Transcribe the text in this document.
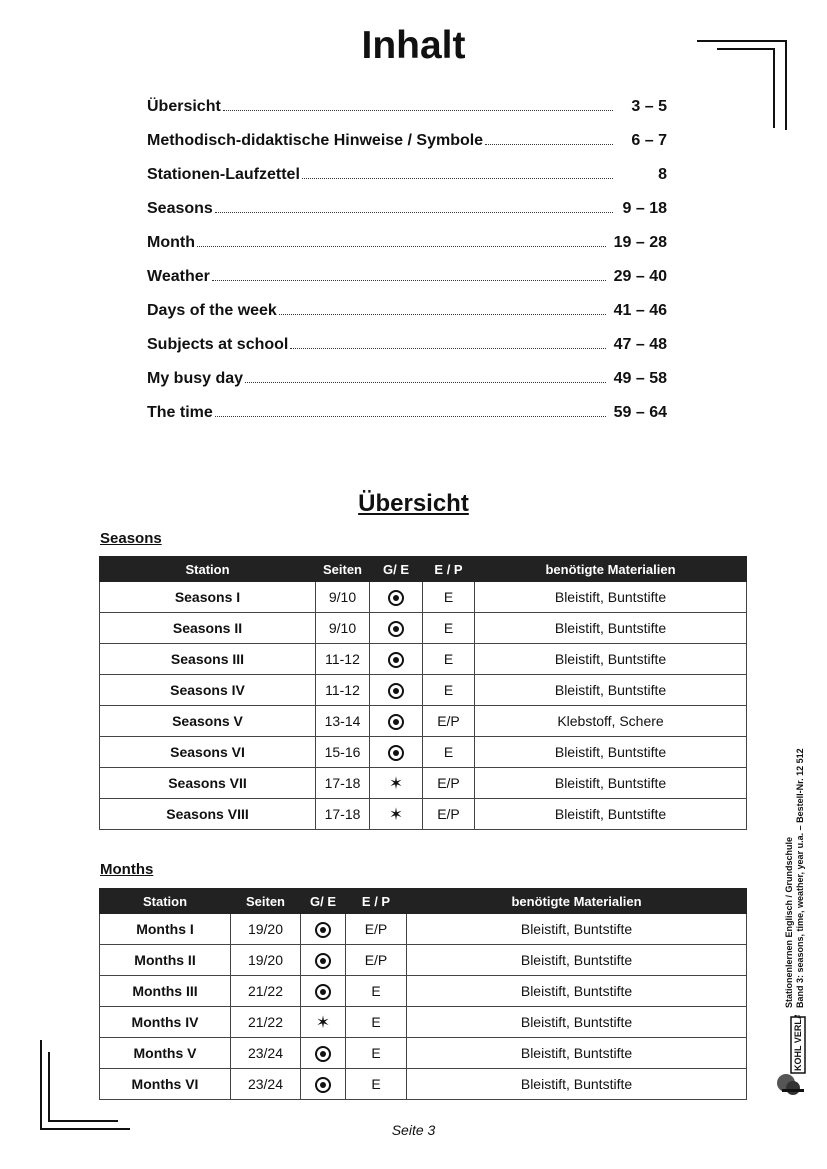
Inhalt
Übersicht	3 – 5
Methodisch-didaktische Hinweise / Symbole	6 – 7
Stationen-Laufzettel	8
Seasons	9 – 18
Month	19 – 28
Weather	29 – 40
Days of the week	41 – 46
Subjects at school	47 – 48
My busy day	49 – 58
The time	59 – 64
Übersicht
Seasons
Station	Seiten	G/ E	E / P	benötigte Materialien
Seasons I	9/10		E	Bleistift, Buntstifte
Seasons II	9/10		E	Bleistift, Buntstifte
Seasons III	11-12		E	Bleistift, Buntstifte
Seasons IV	11-12		E	Bleistift, Buntstifte
Seasons V	13-14		E/P	Klebstoff, Schere
Seasons VI	15-16		E	Bleistift, Buntstifte
Seasons VII	17-18	✶	E/P	Bleistift, Buntstifte
Seasons VIII	17-18	✶	E/P	Bleistift, Buntstifte
Months
Station	Seiten	G/ E	E / P	benötigte Materialien
Months I	19/20		E/P	Bleistift, Buntstifte
Months II	19/20		E/P	Bleistift, Buntstifte
Months III	21/22		E	Bleistift, Buntstifte
Months IV	21/22	✶	E	Bleistift, Buntstifte
Months V	23/24		E	Bleistift, Buntstifte
Months VI	23/24		E	Bleistift, Buntstifte
Stationenlernen Englisch / Grundschule Band 3: seasons, time, weather, year u.a. – Bestell-Nr. 12 512
KOHL VERLAG
Seite 3
